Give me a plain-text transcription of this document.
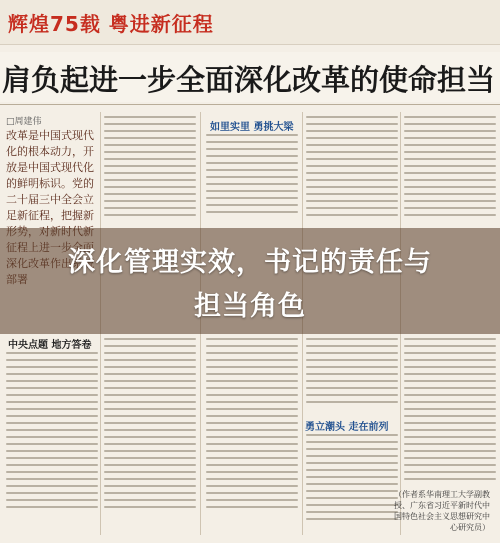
辉煌75载 粤进新征程
肩负起进一步全面深化改革的使命担当
□周建伟

改革是中国式现代化的根本动力，开放是中国式现代化的鲜明标识。党的二十届三中全会立足新征程，把握新

如里实里 勇挑大梁
中央点题 地方答卷
勇立潮头 走在前列
（作者系华南理工大学副教授、广东省习近平新时代中国特色社会主义思想研究中心研究员）
深化管理实效，书记的责任与
担当角色
